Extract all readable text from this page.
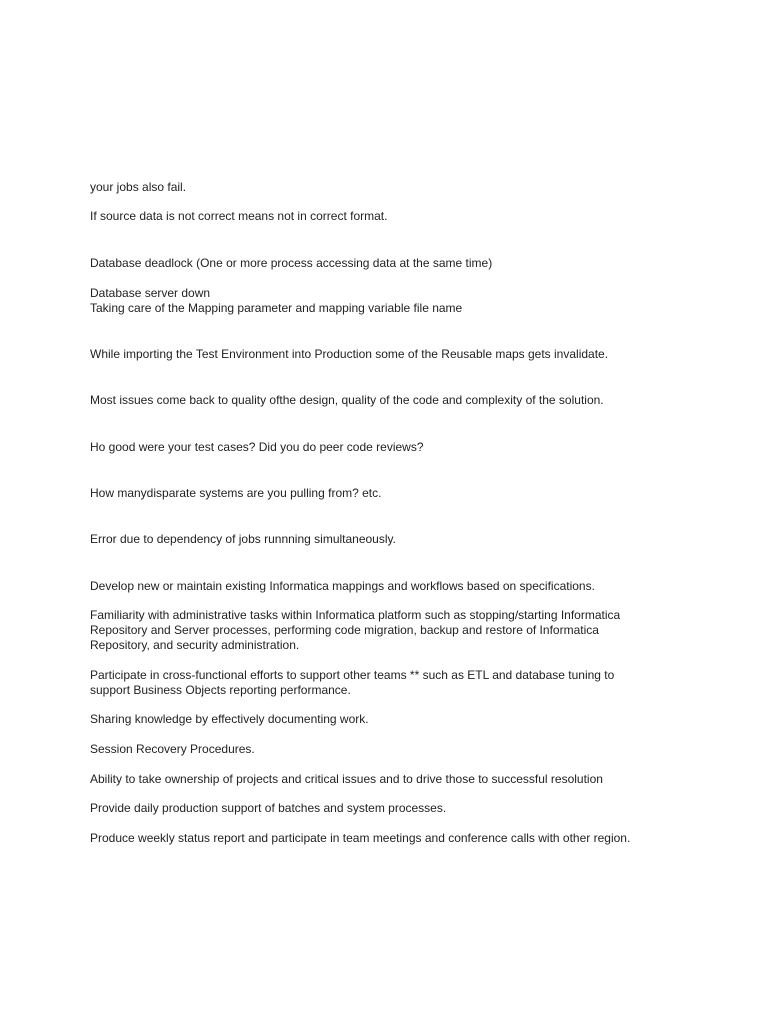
your jobs also fail.
If source data is not correct means not in correct format.
Database deadlock (One or more process accessing data at the same time)
Database server down
Taking care of the Mapping parameter and mapping variable file name
While importing the Test Environment into Production some of the Reusable maps gets invalidate.
Most issues come back to quality ofthe design, quality of the code and complexity of the solution.
Ho good were your test cases? Did you do peer code reviews?
How manydisparate systems are you pulling from? etc.
Error due to dependency of jobs runnning simultaneously.
Develop new or maintain existing Informatica mappings and workflows based on specifications.
Familiarity with administrative tasks within Informatica platform such as stopping/starting Informatica
Repository and Server processes, performing code migration, backup and restore of Informatica
Repository, and security administration.
Participate in cross-functional efforts to support other teams ** such as ETL and database tuning to
support Business Objects reporting performance.
Sharing knowledge by effectively documenting work.
Session Recovery Procedures.
Ability to take ownership of projects and critical issues and to drive those to successful resolution
Provide daily production support of batches and system processes.
Produce weekly status report and participate in team meetings and conference calls with other region.
